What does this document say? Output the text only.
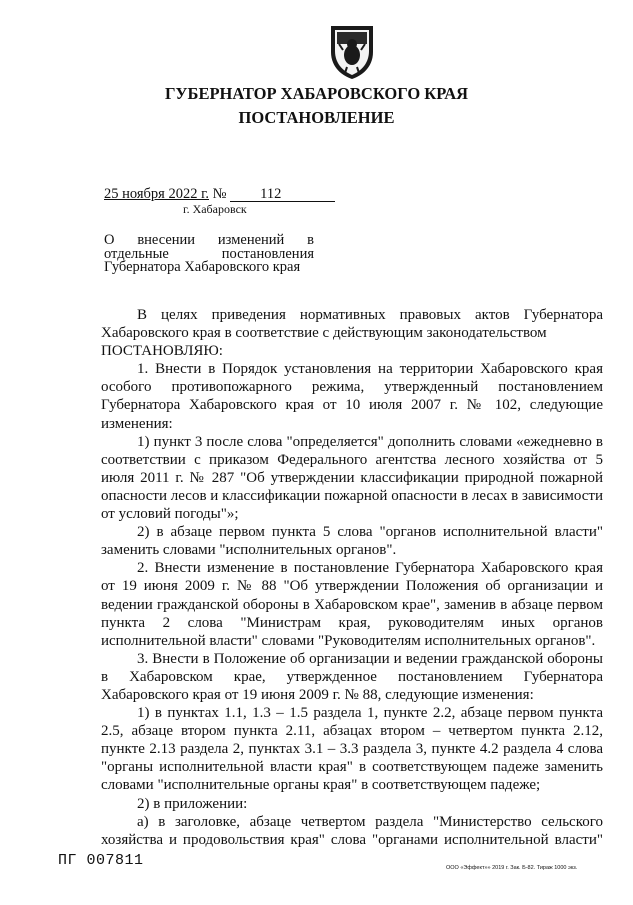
ГУБЕРНАТОР ХАБАРОВСКОГО КРАЯ
ПОСТАНОВЛЕНИЕ
25 ноября 2022 г. № 112
г. Хабаровск
О внесении изменений в
отдельные постановления
Губернатора Хабаровского края

В целях приведения нормативных правовых актов Губернатора Хабаровского края в соответствие с действующим законодательством

ПОСТАНОВЛЯЮ:

1. Внести в Порядок установления на территории Хабаровского края особого противопожарного режима, утвержденный постановлением Губернатора Хабаровского края от 10 июля 2007 г. № 102, следующие изменения:

1) пункт 3 после слова "определяется" дополнить словами «ежедневно в соответствии с приказом Федерального агентства лесного хозяйства от 5 июля 2011 г. № 287 "Об утверждении классификации природной пожарной опасности лесов и классификации пожарной опасности в лесах в зависимости от условий погоды"»;

2) в абзаце первом пункта 5 слова "органов исполнительной власти" заменить словами "исполнительных органов".

2. Внести изменение в постановление Губернатора Хабаровского края от 19 июня 2009 г. № 88 "Об утверждении Положения об организации и ведении гражданской обороны в Хабаровском крае", заменив в абзаце первом пункта 2 слова "Министрам края, руководителям иных органов исполнительной власти" словами "Руководителям исполнительных органов".

3. Внести в Положение об организации и ведении гражданской обороны в Хабаровском крае, утвержденное постановлением Губернатора Хабаровского края от 19 июня 2009 г. № 88, следующие изменения:

1) в пунктах 1.1, 1.3 – 1.5 раздела 1, пункте 2.2, абзаце первом пункта 2.5, абзаце втором пункта 2.11, абзацах втором – четвертом пункта 2.12, пункте 2.13 раздела 2, пунктах 3.1 – 3.3 раздела 3, пункте 4.2 раздела 4 слова "органы исполнительной власти края" в соответствующем падеже заменить словами "исполнительные органы края" в соответствующем падеже;

2) в приложении:

а) в заголовке, абзаце четвертом раздела "Министерство сельского хозяйства и продовольствия края" слова "органами исполнительной власти"

ПГ 007811	ООО «Эффект»» 2019 г. Зак. Б-82. Тираж 1000 экз.
